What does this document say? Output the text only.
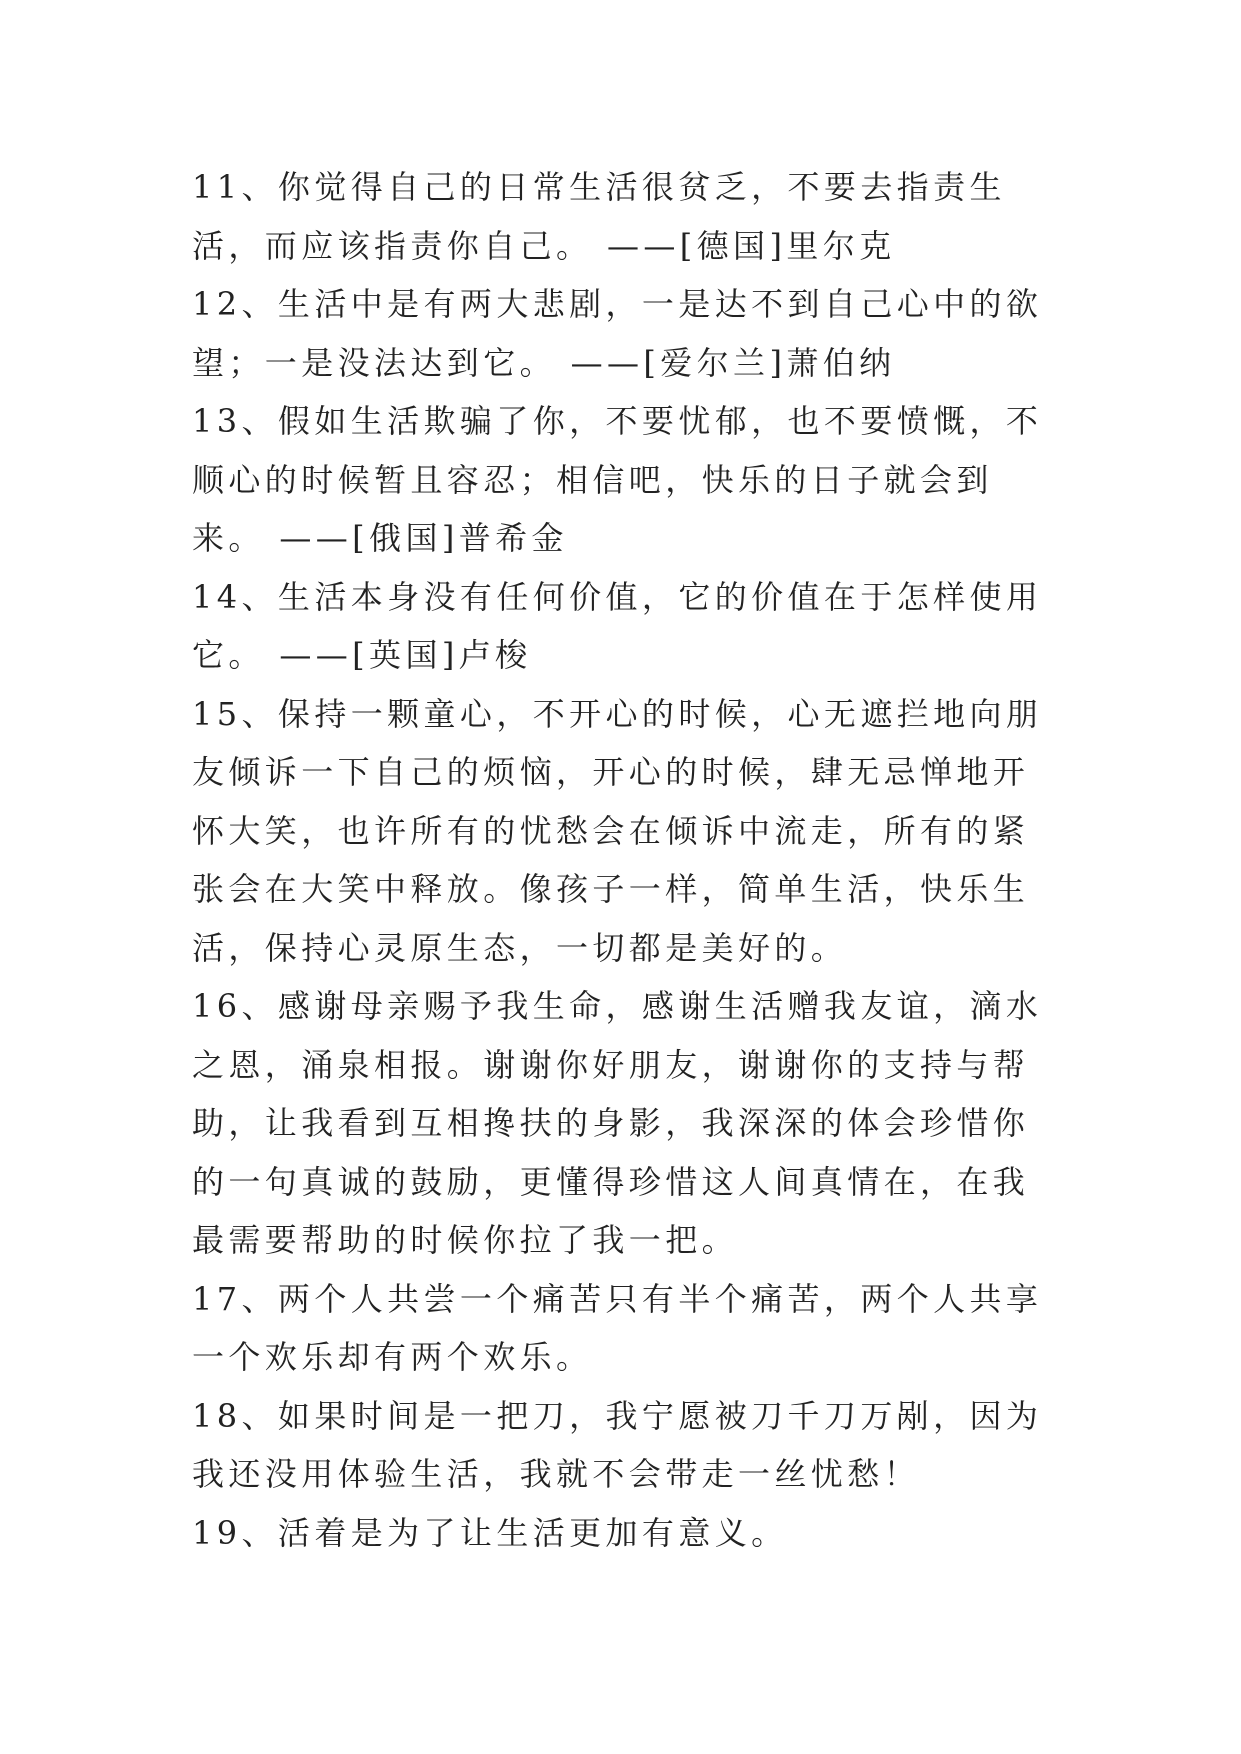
11、你觉得自己的日常生活很贫乏，不要去指责生活，而应该指责你自己。 ——[德国]里尔克

12、生活中是有两大悲剧，一是达不到自己心中的欲望；一是没法达到它。 ——[爱尔兰]萧伯纳

13、假如生活欺骗了你，不要忧郁，也不要愤慨，不顺心的时候暂且容忍；相信吧，快乐的日子就会到来。 ——[俄国]普希金

14、生活本身没有任何价值，它的价值在于怎样使用它。 ——[英国]卢梭

15、保持一颗童心，不开心的时候，心无遮拦地向朋友倾诉一下自己的烦恼，开心的时候，肆无忌惮地开怀大笑，也许所有的忧愁会在倾诉中流走，所有的紧张会在大笑中释放。像孩子一样，简单生活，快乐生活，保持心灵原生态，一切都是美好的。

16、感谢母亲赐予我生命，感谢生活赠我友谊，滴水之恩，涌泉相报。谢谢你好朋友，谢谢你的支持与帮助，让我看到互相搀扶的身影，我深深的体会珍惜你的一句真诚的鼓励，更懂得珍惜这人间真情在，在我最需要帮助的时候你拉了我一把。

17、两个人共尝一个痛苦只有半个痛苦，两个人共享一个欢乐却有两个欢乐。

18、如果时间是一把刀，我宁愿被刀千刀万剐，因为我还没用体验生活，我就不会带走一丝忧愁！

19、活着是为了让生活更加有意义。
